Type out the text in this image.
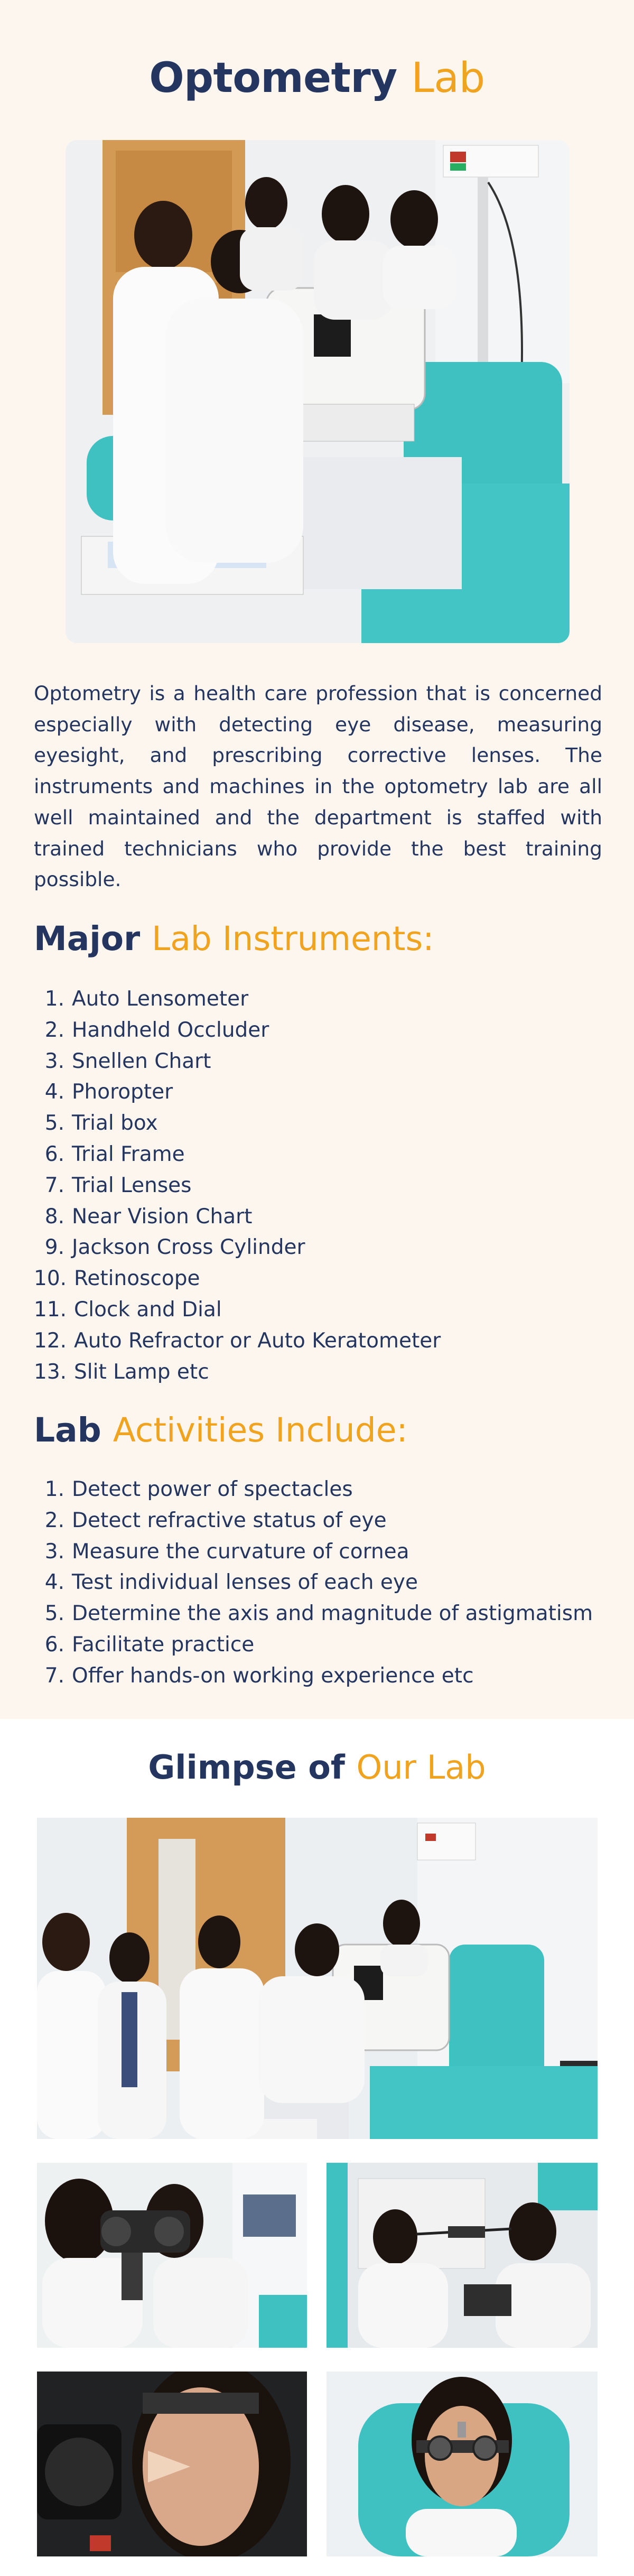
Optometry Lab

Optometry is a health care profession that is concerned especially with detecting eye disease, measuring eyesight, and prescribing corrective lenses. The instruments and machines in the optometry lab are all well maintained and the department is staffed with trained technicians who provide the best training possible.

Major Lab Instruments:
1. Auto Lensometer
2. Handheld Occluder
3. Snellen Chart
4. Phoropter
5. Trial box
6. Trial Frame
7. Trial Lenses
8. Near Vision Chart
9. Jackson Cross Cylinder
10. Retinoscope
11. Clock and Dial
12. Auto Refractor or Auto Keratometer
13. Slit Lamp etc
Lab Activities Include:
1. Detect power of spectacles
2. Detect refractive status of eye
3. Measure the curvature of cornea
4. Test individual lenses of each eye
5. Determine the axis and magnitude of astigmatism
6. Facilitate practice
7. Offer hands-on working experience etc
Glimpse of Our Lab
